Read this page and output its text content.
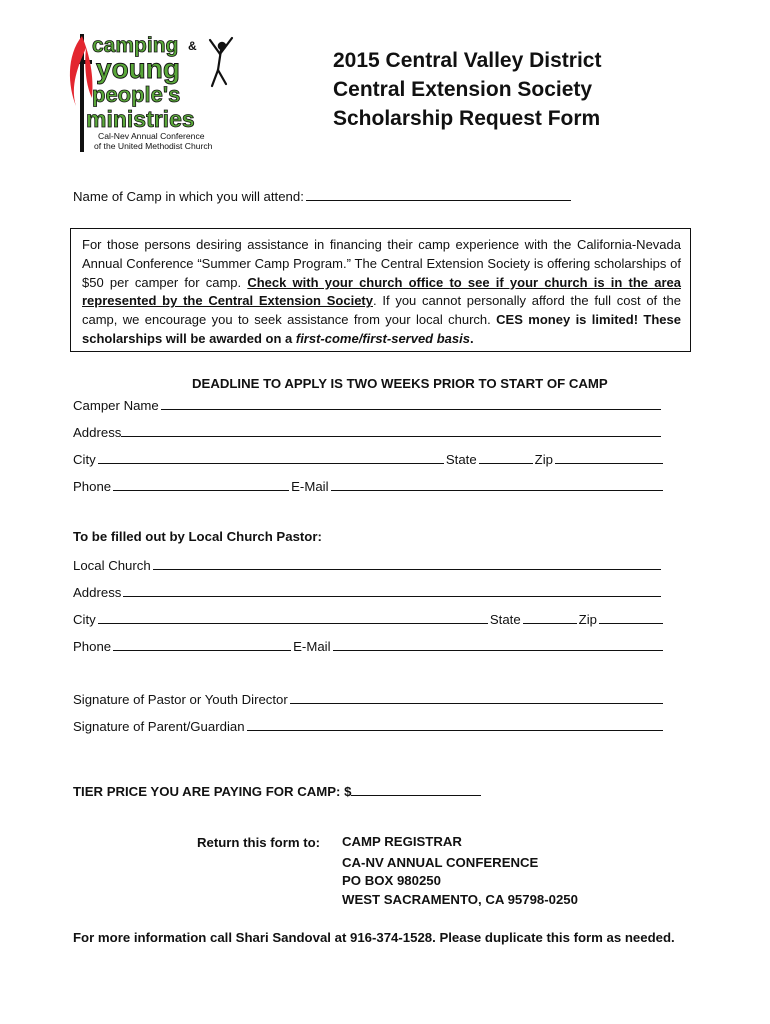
camping &
young
people's
ministries
Cal-Nev Annual Conference
of the United Methodist Church
2015 Central Valley District
Central Extension Society
Scholarship Request Form
Name of Camp in which you will attend:
For those persons desiring assistance in financing their camp experience with the California-Nevada Annual Conference “Summer Camp Program.” The Central Extension Society is offering scholarships of $50 per camper for camp. Check with your church office to see if your church is in the area represented by the Central Extension Society. If you cannot personally afford the full cost of the camp, we encourage you to seek assistance from your local church. CES money is limited! These scholarships will be awarded on a first-come/first-served basis.
DEADLINE TO APPLY IS TWO WEEKS PRIOR TO START OF CAMP
Camper Name
Address
City	State	Zip
Phone	E-Mail
To be filled out by Local Church Pastor:
Local Church
Address
City	State	Zip
Phone	E-Mail
Signature of Pastor or Youth Director
Signature of Parent/Guardian
TIER PRICE YOU ARE PAYING FOR CAMP: $
Return this form to: CAMP REGISTRAR
CA-NV ANNUAL CONFERENCE
PO BOX 980250
WEST SACRAMENTO, CA 95798-0250
For more information call Shari Sandoval at 916-374-1528. Please duplicate this form as needed.
